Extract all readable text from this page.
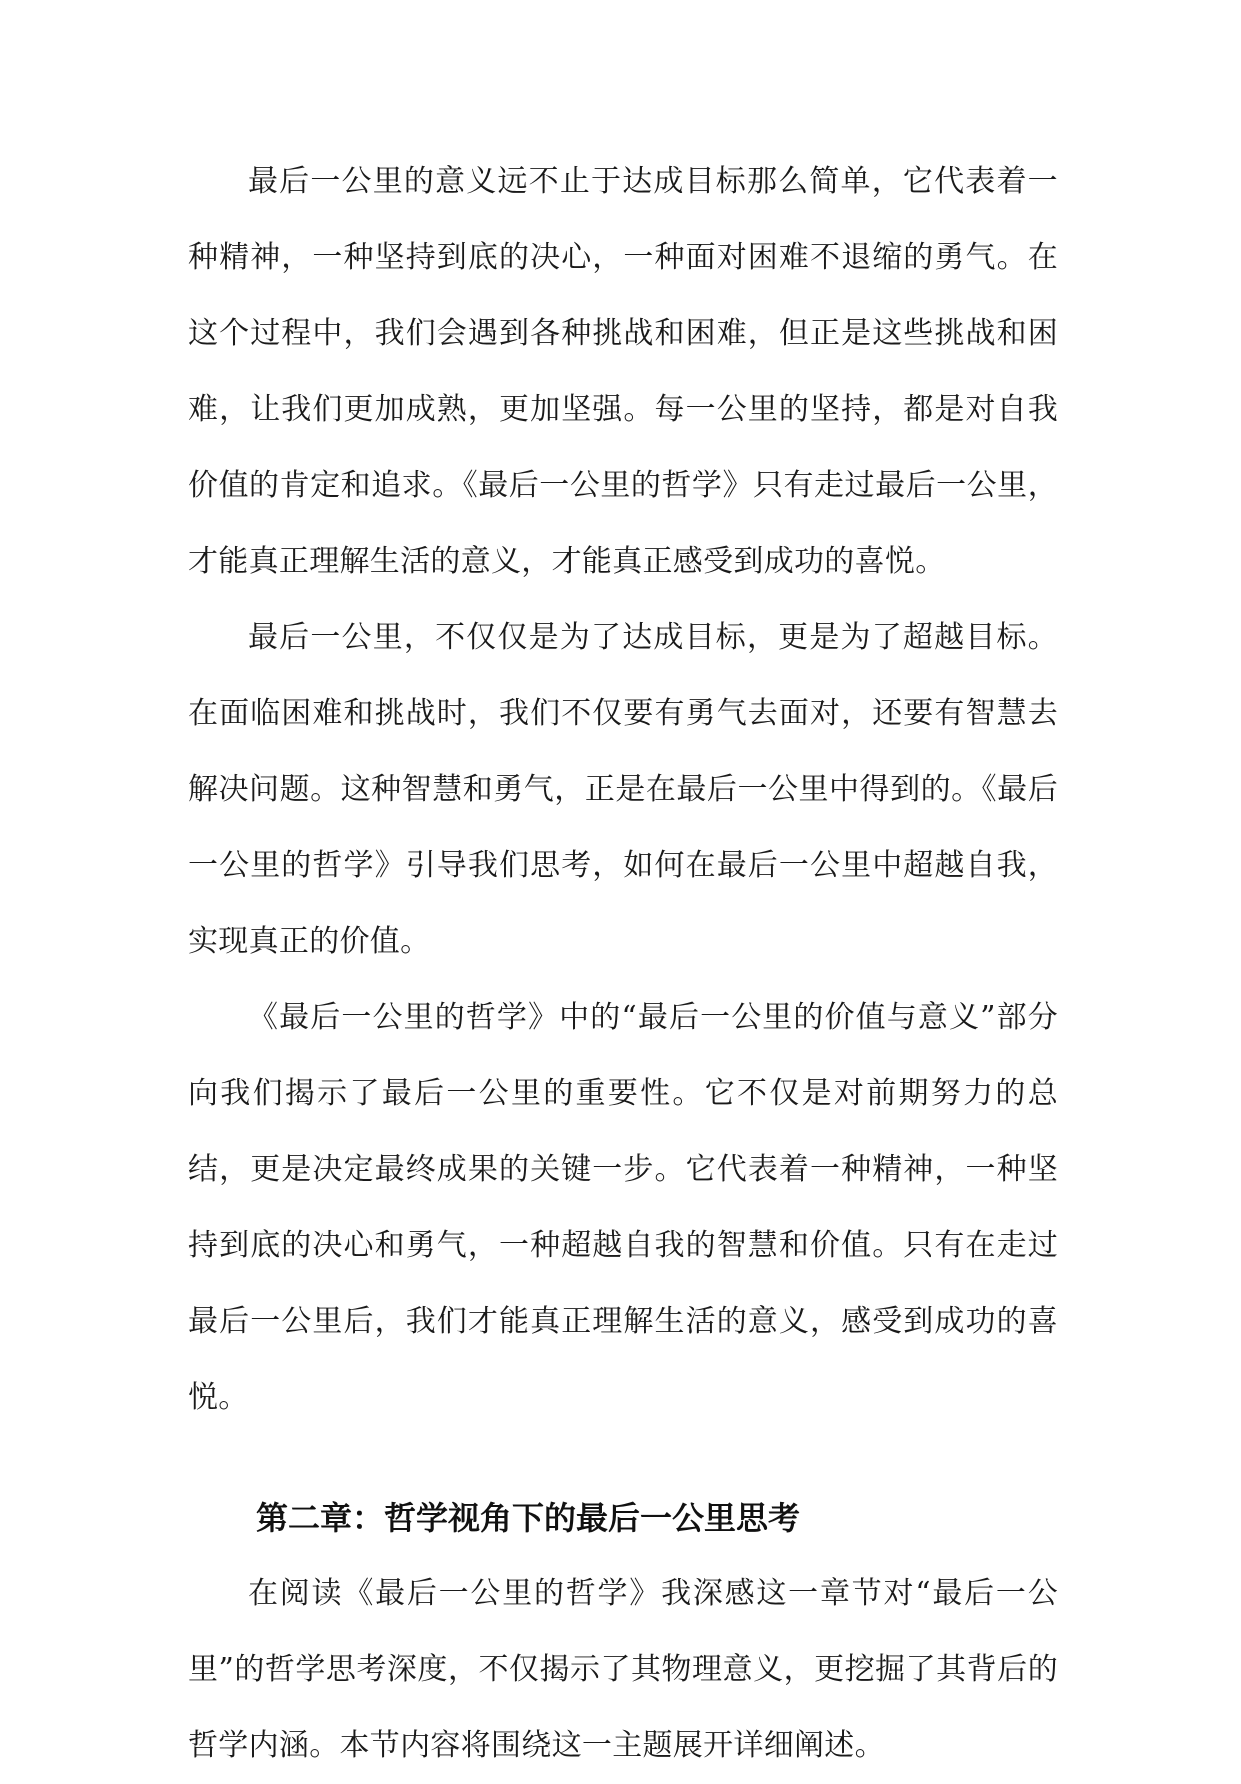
最后一公里的意义远不止于达成目标那么简单，它代表着一种精神，一种坚持到底的决心，一种面对困难不退缩的勇气。在这个过程中，我们会遇到各种挑战和困难，但正是这些挑战和困难，让我们更加成熟，更加坚强。每一公里的坚持，都是对自我价值的肯定和追求。《最后一公里的哲学》只有走过最后一公里，才能真正理解生活的意义，才能真正感受到成功的喜悦。

最后一公里，不仅仅是为了达成目标，更是为了超越目标。在面临困难和挑战时，我们不仅要有勇气去面对，还要有智慧去解决问题。这种智慧和勇气，正是在最后一公里中得到的。《最后一公里的哲学》引导我们思考，如何在最后一公里中超越自我，实现真正的价值。

《最后一公里的哲学》中的“最后一公里的价值与意义”部分向我们揭示了最后一公里的重要性。它不仅是对前期努力的总结，更是决定最终成果的关键一步。它代表着一种精神，一种坚持到底的决心和勇气，一种超越自我的智慧和价值。只有在走过最后一公里后，我们才能真正理解生活的意义，感受到成功的喜悦。

第二章：哲学视角下的最后一公里思考

在阅读《最后一公里的哲学》我深感这一章节对“最后一公里”的哲学思考深度，不仅揭示了其物理意义，更挖掘了其背后的哲学内涵。本节内容将围绕这一主题展开详细阐述。
